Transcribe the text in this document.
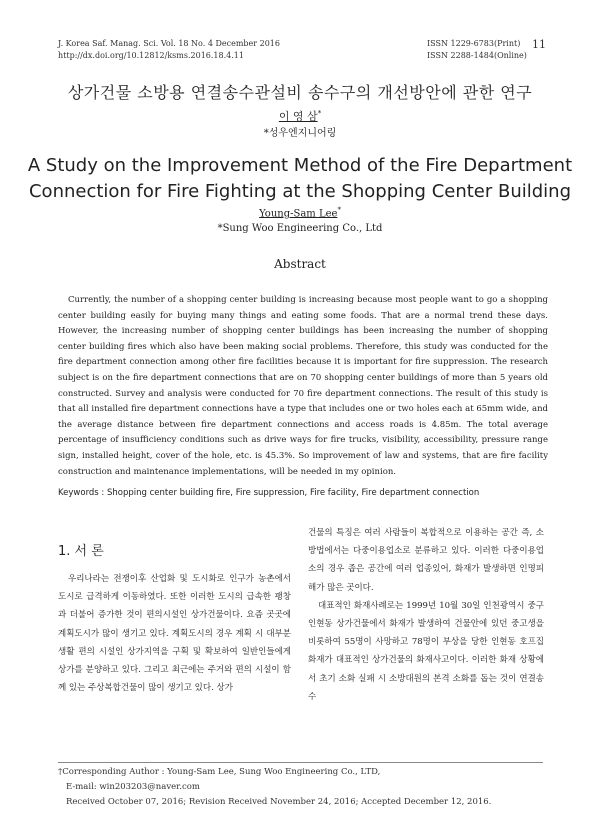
J. Korea Saf. Manag. Sci. Vol. 18 No. 4 December 2016
http://dx.doi.org/10.12812/ksms.2016.18.4.11
ISSN 1229-6783(Print)
ISSN 2288-1484(Online)
11
상가건물 소방용 연결송수관설비 송수구의 개선방안에 관한 연구
이 영 삼*
*성우엔지니어링
A Study on the Improvement Method of the Fire Department
Connection for Fire Fighting at the Shopping Center Building
Young-Sam Lee*
*Sung Woo Engineering Co., Ltd
Abstract

Currently, the number of a shopping center building is increasing because most people want to go a shopping center building easily for buying many things and eating some foods. That are a normal trend these days. However, the increasing number of shopping center buildings has been increasing the number of shopping center building fires which also have been making social problems. Therefore, this study was conducted for the fire department connection among other fire facilities because it is important for fire suppression. The research subject is on the fire department connections that are on 70 shopping center buildings of more than 5 years old constructed. Survey and analysis were conducted for 70 fire department connections. The result of this study is that all installed fire department connections have a type that includes one or two holes each at 65mm wide, and the average distance between fire department connections and access roads is 4.85m. The total average percentage of insufficiency conditions such as drive ways for fire trucks, visibility, accessibility, pressure range sign, installed height, cover of the hole, etc. is 45.3%. So improvement of law and systems, that are fire facility construction and maintenance implementations, will be needed in my opinion.

Keywords : Shopping center building fire, Fire suppression, Fire facility, Fire department connection
1. 서 론

우리나라는 전쟁이후 산업화 및 도시화로 인구가 농촌에서 도시로 급격하게 이동하였다. 또한 이러한 도시의 급속한 팽창과 더불어 증가한 것이 편의시설인 상가건물이다. 요즘 곳곳에 계획도시가 많이 생기고 있다. 계획도시의 경우 계획 시 대부분 생활 편의 시설인 상가지역을 구획 및 확보하여 일반인들에게 상가를 분양하고 있다. 그리고 최근에는 주거와 편의 시설이 함께 있는 주상복합건물이 많이 생기고 있다. 상가

건물의 특징은 여러 사람들이 복합적으로 이용하는 공간 즉, 소방법에서는 다중이용업소로 분류하고 있다. 이러한 다중이용업소의 경우 좁은 공간에 여러 업종있어, 화재가 발생하면 인명피해가 많은 곳이다.

대표적인 화재사례로는 1999년 10월 30일 인천광역시 중구 인현동 상가건물에서 화재가 발생하여 건물안에 있던 중고생을 비롯하여 55명이 사망하고 78명이 부상을 당한 인현동 호프집화재가 대표적인 상가건물의 화재사고이다. 이러한 화재 상황에서 초기 소화 실패 시 소방대원의 본격 소화를 돕는 것이 연결송수

†Corresponding Author : Young-Sam Lee, Sung Woo Engineering Co., LTD,
E-mail: win203203@naver.com
Received October 07, 2016; Revision Received November 24, 2016; Accepted December 12, 2016.
